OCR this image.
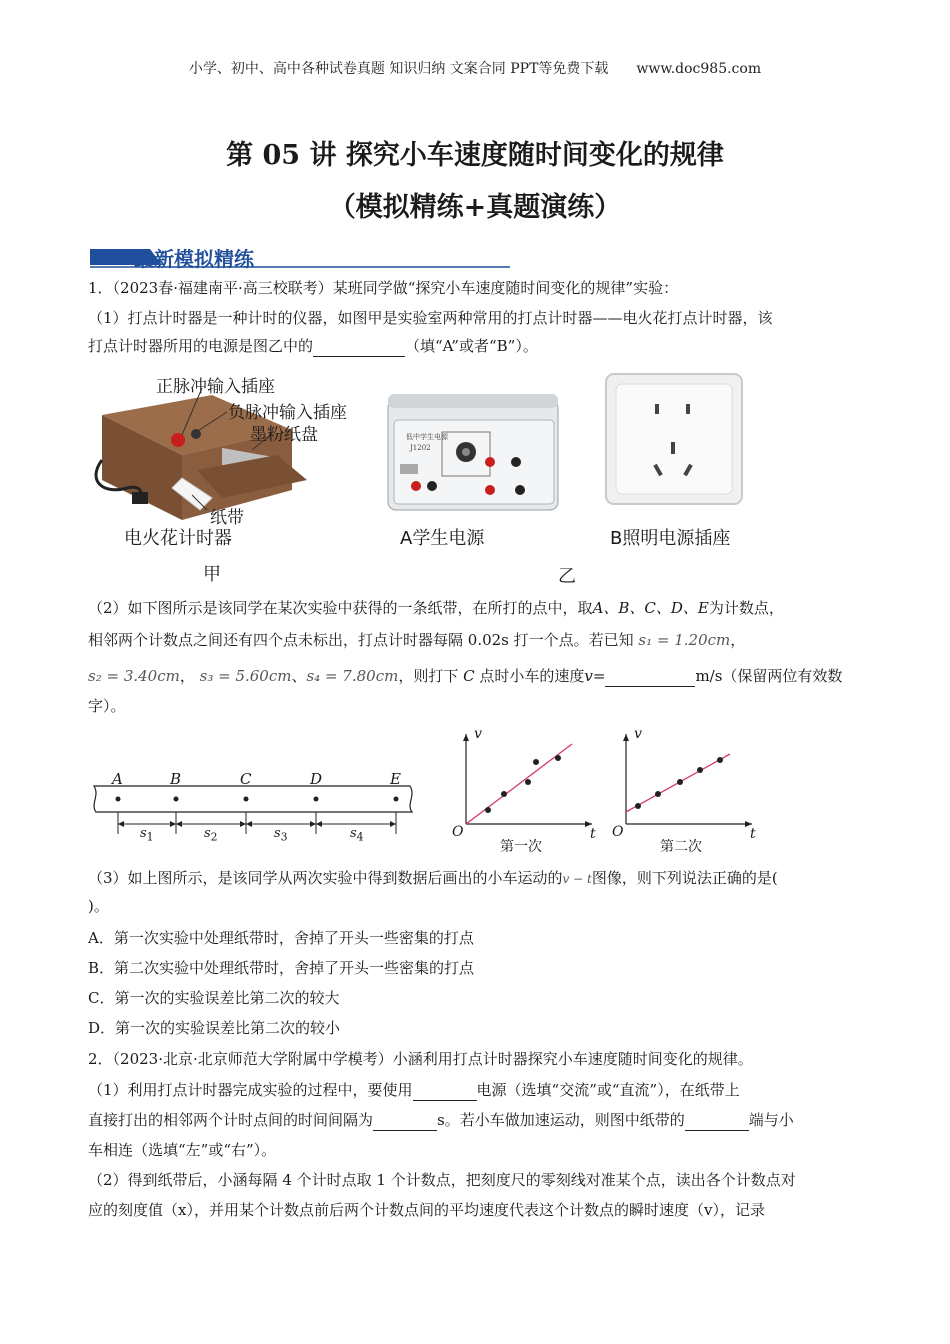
小学、初中、高中各种试卷真题 知识归纳 文案合同 PPT等免费下载　　www.doc985.com
第 05 讲 探究小车速度随时间变化的规律
（模拟精练+真题演练）
最新模拟精练
1．（2023春·福建南平·高三校联考）某班同学做“探究小车速度随时间变化的规律”实验：
（1）打点计时器是一种计时的仪器，如图甲是实验室两种常用的打点计时器——电火花打点计时器，该
打点计时器所用的电源是图乙中的	（填“A”或者“B”）。
正脉冲输入插座
负脉冲输入插座
墨粉纸盘
纸带
电火花计时器
低中学生电源
J1202
A学生电源	B照明电源插座
甲	乙
（2）如下图所示是该同学在某次实验中获得的一条纸带，在所打的点中，取A、B、C、D、E为计数点，
相邻两个计数点之间还有四个点未标出，打点计时器每隔 0.02s 打一个点。若已知 s₁ = 1.20cm，
s₂ = 3.40cm， s₃ = 5.60cm、s₄ = 7.80cm，则打下 C 点时小车的速度v=	m/s（保留两位有效数
字）。
A	B	C	D	E
$s_1$	$s_2$	$s_3$	$s_4$
v
t
O
第一次
v
t
O
第二次
（3）如上图所示，是该同学从两次实验中得到数据后画出的小车运动的v − t图像，则下列说法正确的是(
)。
A．第一次实验中处理纸带时，舍掉了开头一些密集的打点
B．第二次实验中处理纸带时，舍掉了开头一些密集的打点
C．第一次的实验误差比第二次的较大
D．第一次的实验误差比第二次的较小
2．（2023·北京·北京师范大学附属中学模考）小涵利用打点计时器探究小车速度随时间变化的规律。
（1）利用打点计时器完成实验的过程中，要使用	电源（选填“交流”或“直流”），在纸带上
直接打出的相邻两个计时点间的时间间隔为	s。若小车做加速运动，则图中纸带的	端与小
车相连（选填“左”或“右”）。
（2）得到纸带后，小涵每隔 4 个计时点取 1 个计数点，把刻度尺的零刻线对准某个点，读出各个计数点对
应的刻度值（x），并用某个计数点前后两个计数点间的平均速度代表这个计数点的瞬时速度（v），记录
